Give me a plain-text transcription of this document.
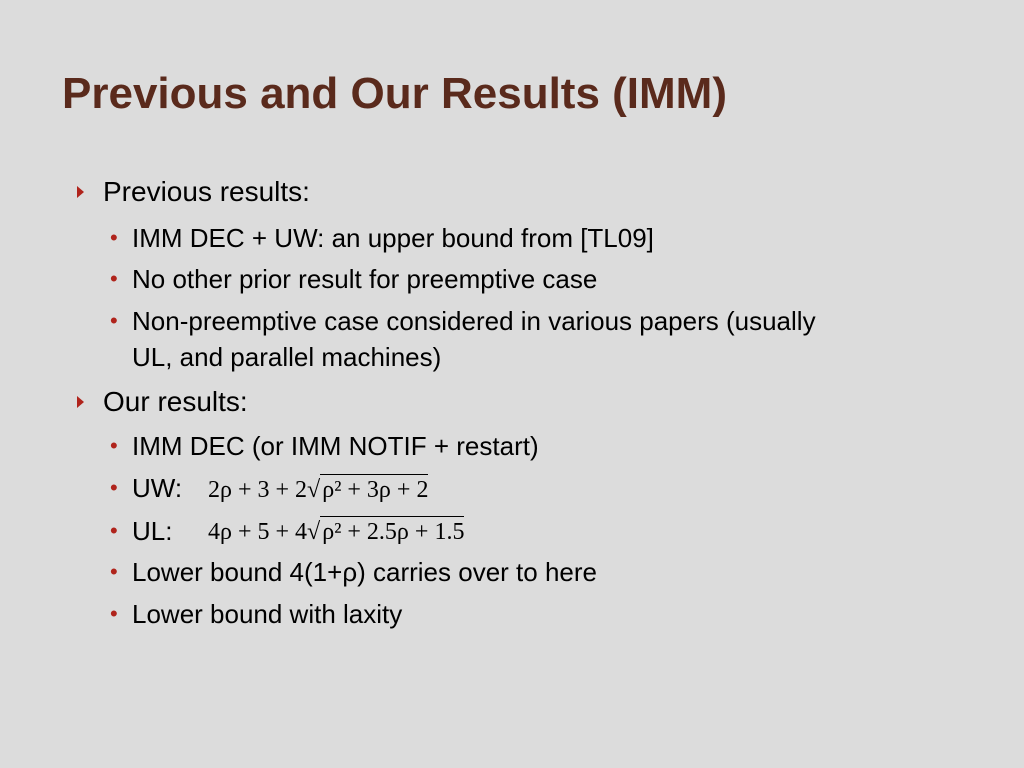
Previous and Our Results (IMM)
Previous results:
• IMM DEC + UW: an upper bound from [TL09]
• No other prior result for preemptive case
• Non-preemptive case considered in various papers (usually
UL, and parallel machines)
Our results:
• IMM DEC (or IMM NOTIF + restart)
• UW: 2ρ + 3 + 2√ρ² + 3ρ + 2
• UL: 4ρ + 5 + 4√ρ² + 2.5ρ + 1.5
• Lower bound 4(1+ρ) carries over to here
• Lower bound with laxity
